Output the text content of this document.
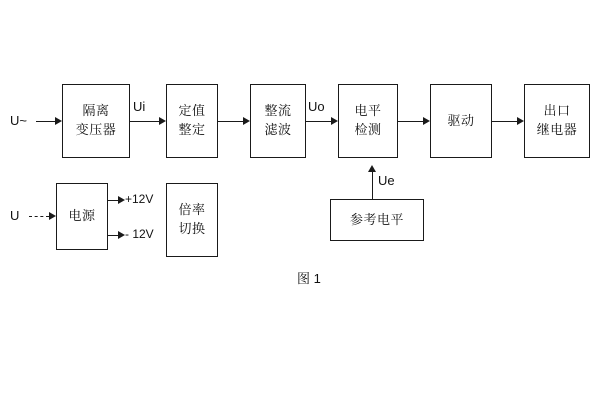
隔离
变压器
定值
整定
整流
滤波
电平
检测
驱动
出口
继电器
电源	倍率
切换
参考电平
U~
U
Ui	Uo
Ue
+12V
- 12V
图 1
